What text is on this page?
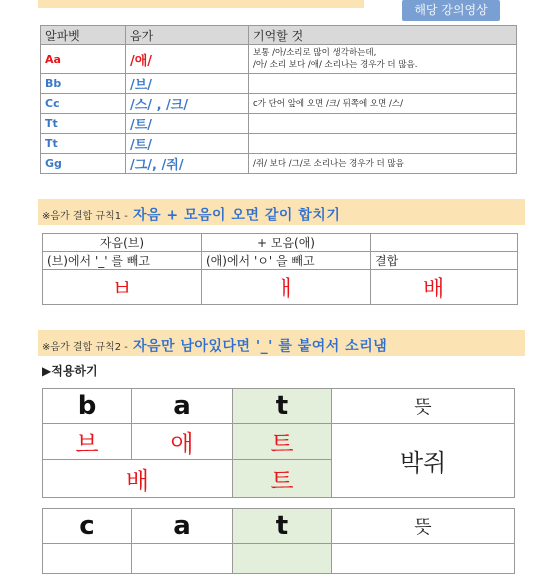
해당 강의영상
알파벳	음가	기억할 것
Aa	/애/	보통 /아/소리로 많이 생각하는데,
/아/ 소리 보다 /애/ 소리나는 경우가 더 많음.

Bb	/브/	
Cc	/스/ , /크/	c가 단어 앞에 오면 /크/ 뒤쪽에 오면 /스/
Tt	/트/	
Tt	/트/	
Gg	/그/, /쥐/	/쥐/ 보다 /그/로 소리나는 경우가 더 많음
※음가 결합 규칙1 - 자음 + 모음이 오면 같이 합치기
자음(브)	+ 모음(애)	
(브)에서 '_' 를 빼고	(애)에서 'ㅇ' 을 빼고	결합
ㅂ	ㅐ	배
※음가 결합 규칙2 - 자음만 남아있다면 '_' 를 붙여서 소리냄
▶적용하기
b	a	t	뜻
브	애	트	박쥐
배		트	
c	a	t	뜻
